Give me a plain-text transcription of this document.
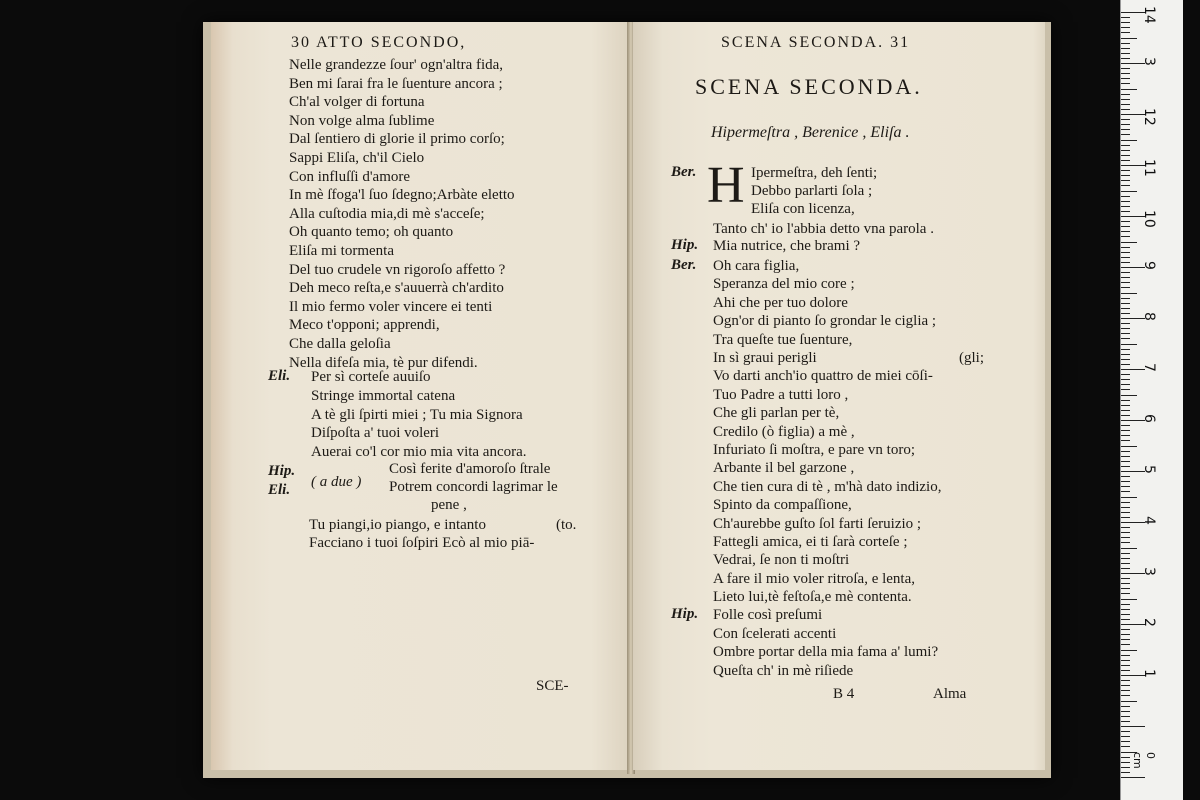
30 ATTO SECONDO,
Nelle grandezze ſour' ogn'altra fida,
Ben mi ſarai fra le ſuenture ancora ;
Ch'al volger di fortuna
Non volge alma ſublime
Dal ſentiero di glorie il primo corſo;
Sappi Eliſa, ch'il Cielo
Con influſſi d'amore
In mè ſfoga'l ſuo ſdegno;Arbàte eletto
Alla cuſtodia mia,di mè s'acceſe;
Oh quanto temo; oh quanto
Eliſa mi tormenta
Del tuo crudele vn rigoroſo affetto ?
Deh meco reſta,e s'auuerrà ch'ardito
Il mio fermo voler vincere ei tenti
Meco t'opponi; apprendi,
Che dalla geloſia
Nella difeſa mia, tè pur difendi.
Eli. Per sì corteſe auuiſo
Stringe immortal catena
A tè gli ſpirti miei ; Tu mia Signora
Diſpoſta a' tuoi voleri
Auerai co'l cor mio mia vita ancora.
Hip.
Eli. ( a due )
Così ferite d'amoroſo ſtrale
Potrem concordi lagrimar le
pene ,
Tu piangi,io piango, e intanto	(to.
Facciano i tuoi ſoſpiri Ecò al mio piā-
SCE-
SCENA SECONDA. 31
SCENA SECONDA.
Hipermeſtra , Berenice , Eliſa .
Ber. H Ipermeſtra, deh ſenti;
Debbo parlarti ſola ;
Eliſa con licenza,
Tanto ch' io l'abbia detto vna parola .
Hip. Mia nutrice, che brami ?
Ber. Oh cara figlia,
Speranza del mio core ;
Ahi che per tuo dolore
Ogn'or di pianto ſo grondar le ciglia ;
Tra queſte tue ſuenture,
In sì graui perigli
Vo darti anch'io quattro de miei cōſi-
Tuo Padre a tutti loro ,
Che gli parlan per tè,
Credilo (ò figlia) a mè ,
Infuriato ſi moſtra, e pare vn toro;
Arbante il bel garzone ,
Che tien cura di tè , m'hà dato indizio,
Spinto da compaſſione,
Ch'aurebbe guſto ſol farti ſeruizio ;
Fattegli amica, ei ti ſarà corteſe ;
Vedrai, ſe non ti moſtri
A fare il mio voler ritroſa, e lenta,
Lieto lui,tè feſtoſa,e mè contenta.
(gli;
Hip. Folle così preſumi
Con ſcelerati accenti
Ombre portar della mia fama a' lumi?
Queſta ch' in mè riſiede
B 4	Alma
14
3
12
11
10
9
8
7
6
5
4
3
2
1
0 cm
